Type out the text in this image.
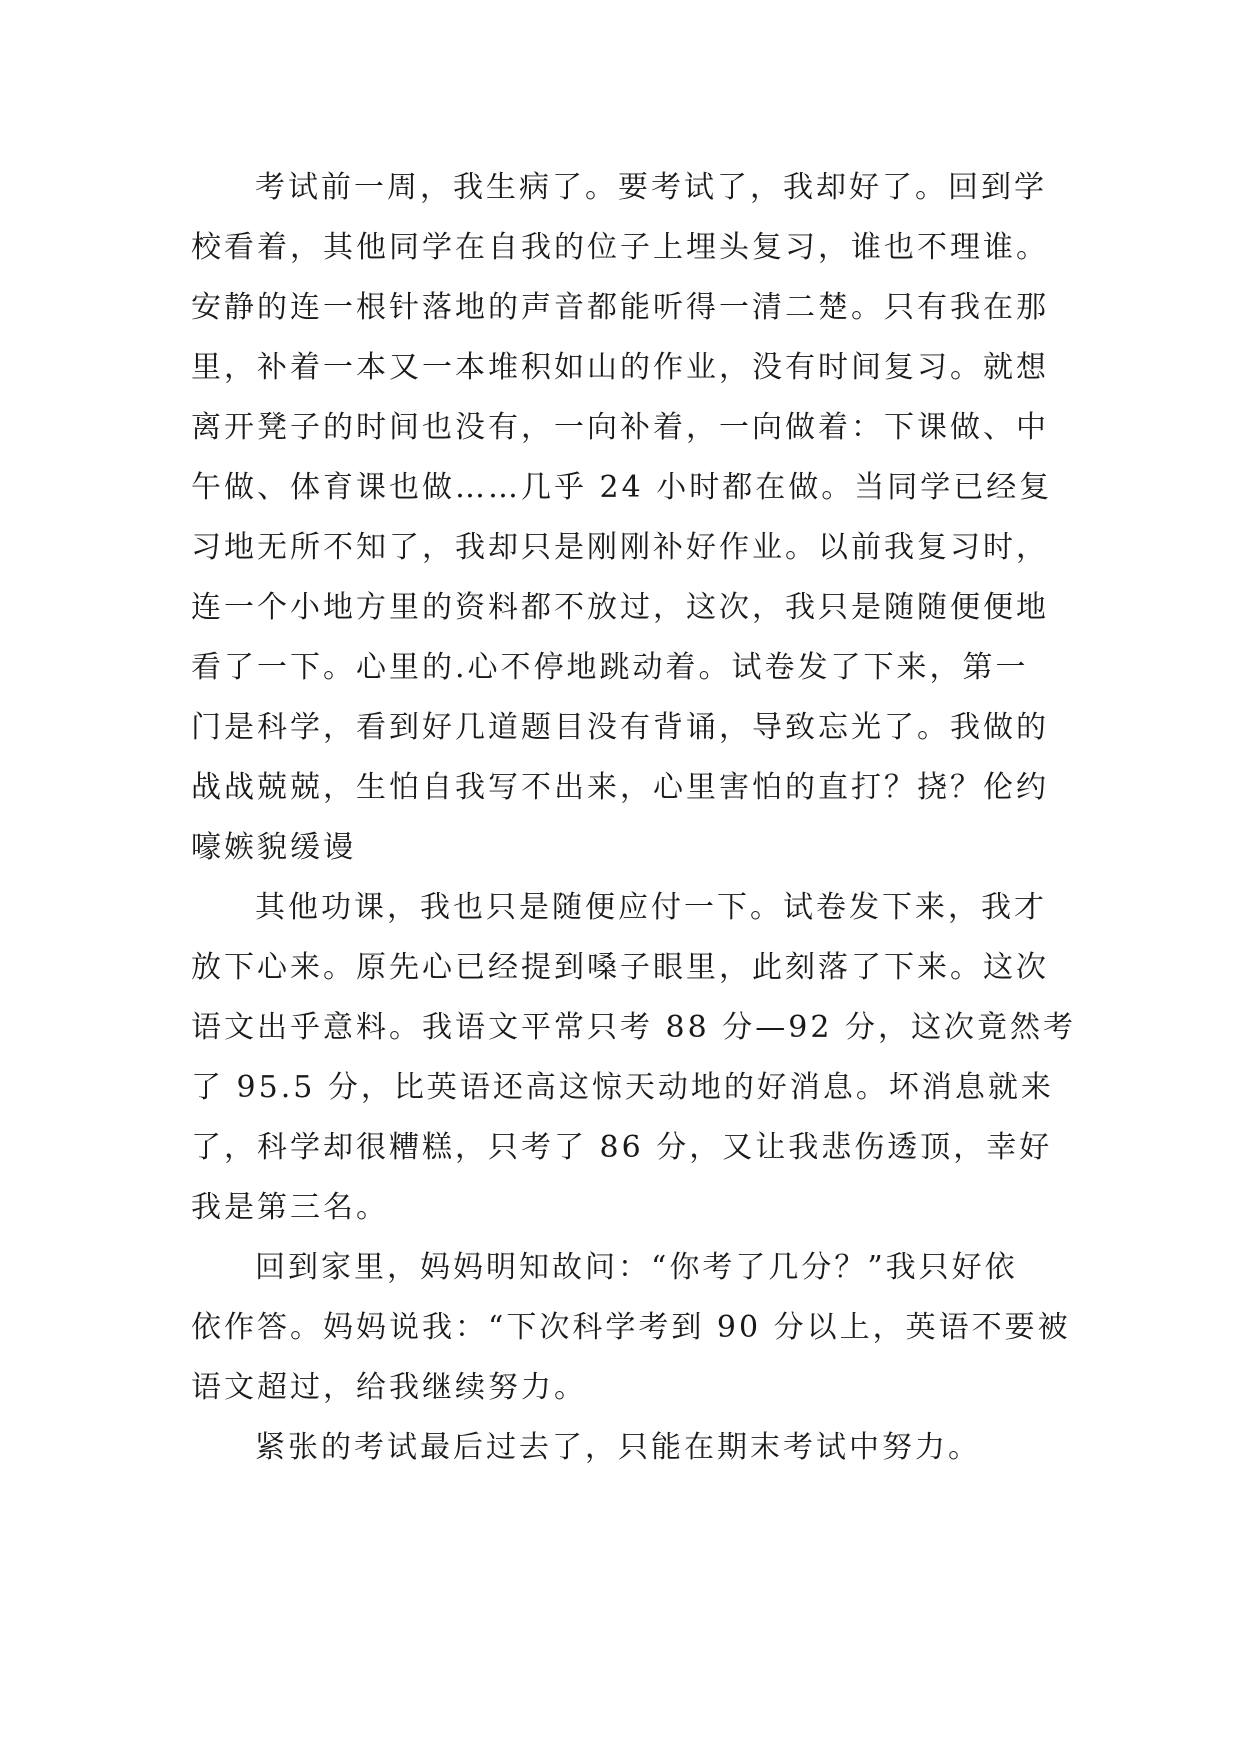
考试前一周，我生病了。要考试了，我却好了。回到学
校看着，其他同学在自我的位子上埋头复习，谁也不理谁。
安静的连一根针落地的声音都能听得一清二楚。只有我在那
里，补着一本又一本堆积如山的作业，没有时间复习。就想
离开凳子的时间也没有，一向补着，一向做着：下课做、中
午做、体育课也做……几乎 24 小时都在做。当同学已经复
习地无所不知了，我却只是刚刚补好作业。以前我复习时，
连一个小地方里的资料都不放过，这次，我只是随随便便地
看了一下。心里的.心不停地跳动着。试卷发了下来，第一
门是科学，看到好几道题目没有背诵，导致忘光了。我做的
战战兢兢，生怕自我写不出来，心里害怕的直打？挠？伦约
嚎嫉貌缓谩
其他功课，我也只是随便应付一下。试卷发下来，我才
放下心来。原先心已经提到嗓子眼里，此刻落了下来。这次
语文出乎意料。我语文平常只考 88 分—92 分，这次竟然考
了 95.5 分，比英语还高这惊天动地的好消息。坏消息就来
了，科学却很糟糕，只考了 86 分，又让我悲伤透顶，幸好
我是第三名。
回到家里，妈妈明知故问：“你考了几分？”我只好依
依作答。妈妈说我：“下次科学考到 90 分以上，英语不要被
语文超过，给我继续努力。
紧张的考试最后过去了，只能在期末考试中努力。
